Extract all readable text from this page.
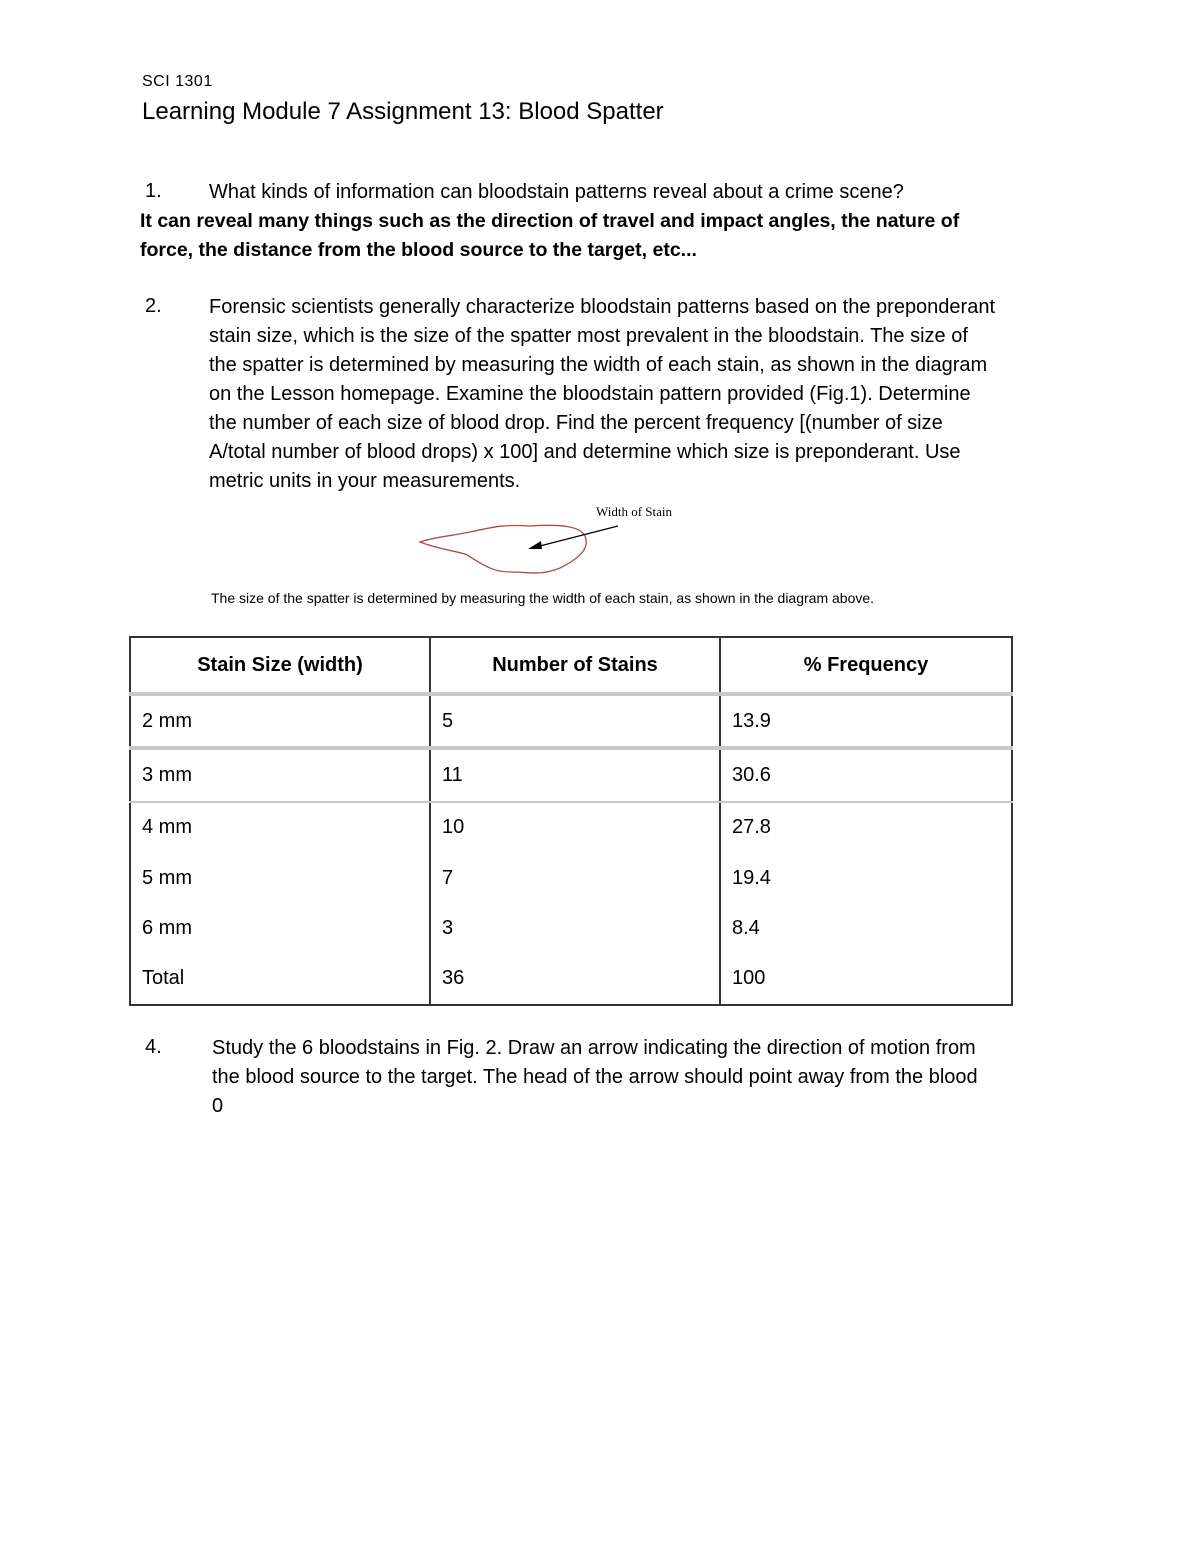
SCI 1301
Learning Module 7 Assignment 13: Blood Spatter
1. What kinds of information can bloodstain patterns reveal about a crime scene?
It can reveal many things such as the direction of travel and impact angles, the nature of
force, the distance from the blood source to the target, etc...
2. Forensic scientists generally characterize bloodstain patterns based on the preponderant
stain size, which is the size of the spatter most prevalent in the bloodstain. The size of
the spatter is determined by measuring the width of each stain, as shown in the diagram
on the Lesson homepage. Examine the bloodstain pattern provided (Fig.1). Determine
the number of each size of blood drop. Find the percent frequency [(number of size
A/total number of blood drops) x 100] and determine which size is preponderant. Use
metric units in your measurements.
Width of Stain
The size of the spatter is determined by measuring the width of each stain, as shown in the diagram above.
Stain Size (width)	Number of Stains	% Frequency
2 mm	5	13.9
3 mm	11	30.6
4 mm	10	27.8
5 mm	7	19.4
6 mm	3	8.4
Total	36	100
4.	Study the 6 bloodstains in Fig. 2. Draw an arrow indicating the direction of motion from
the blood source to the target. The head of the arrow should point away from the blood
0
